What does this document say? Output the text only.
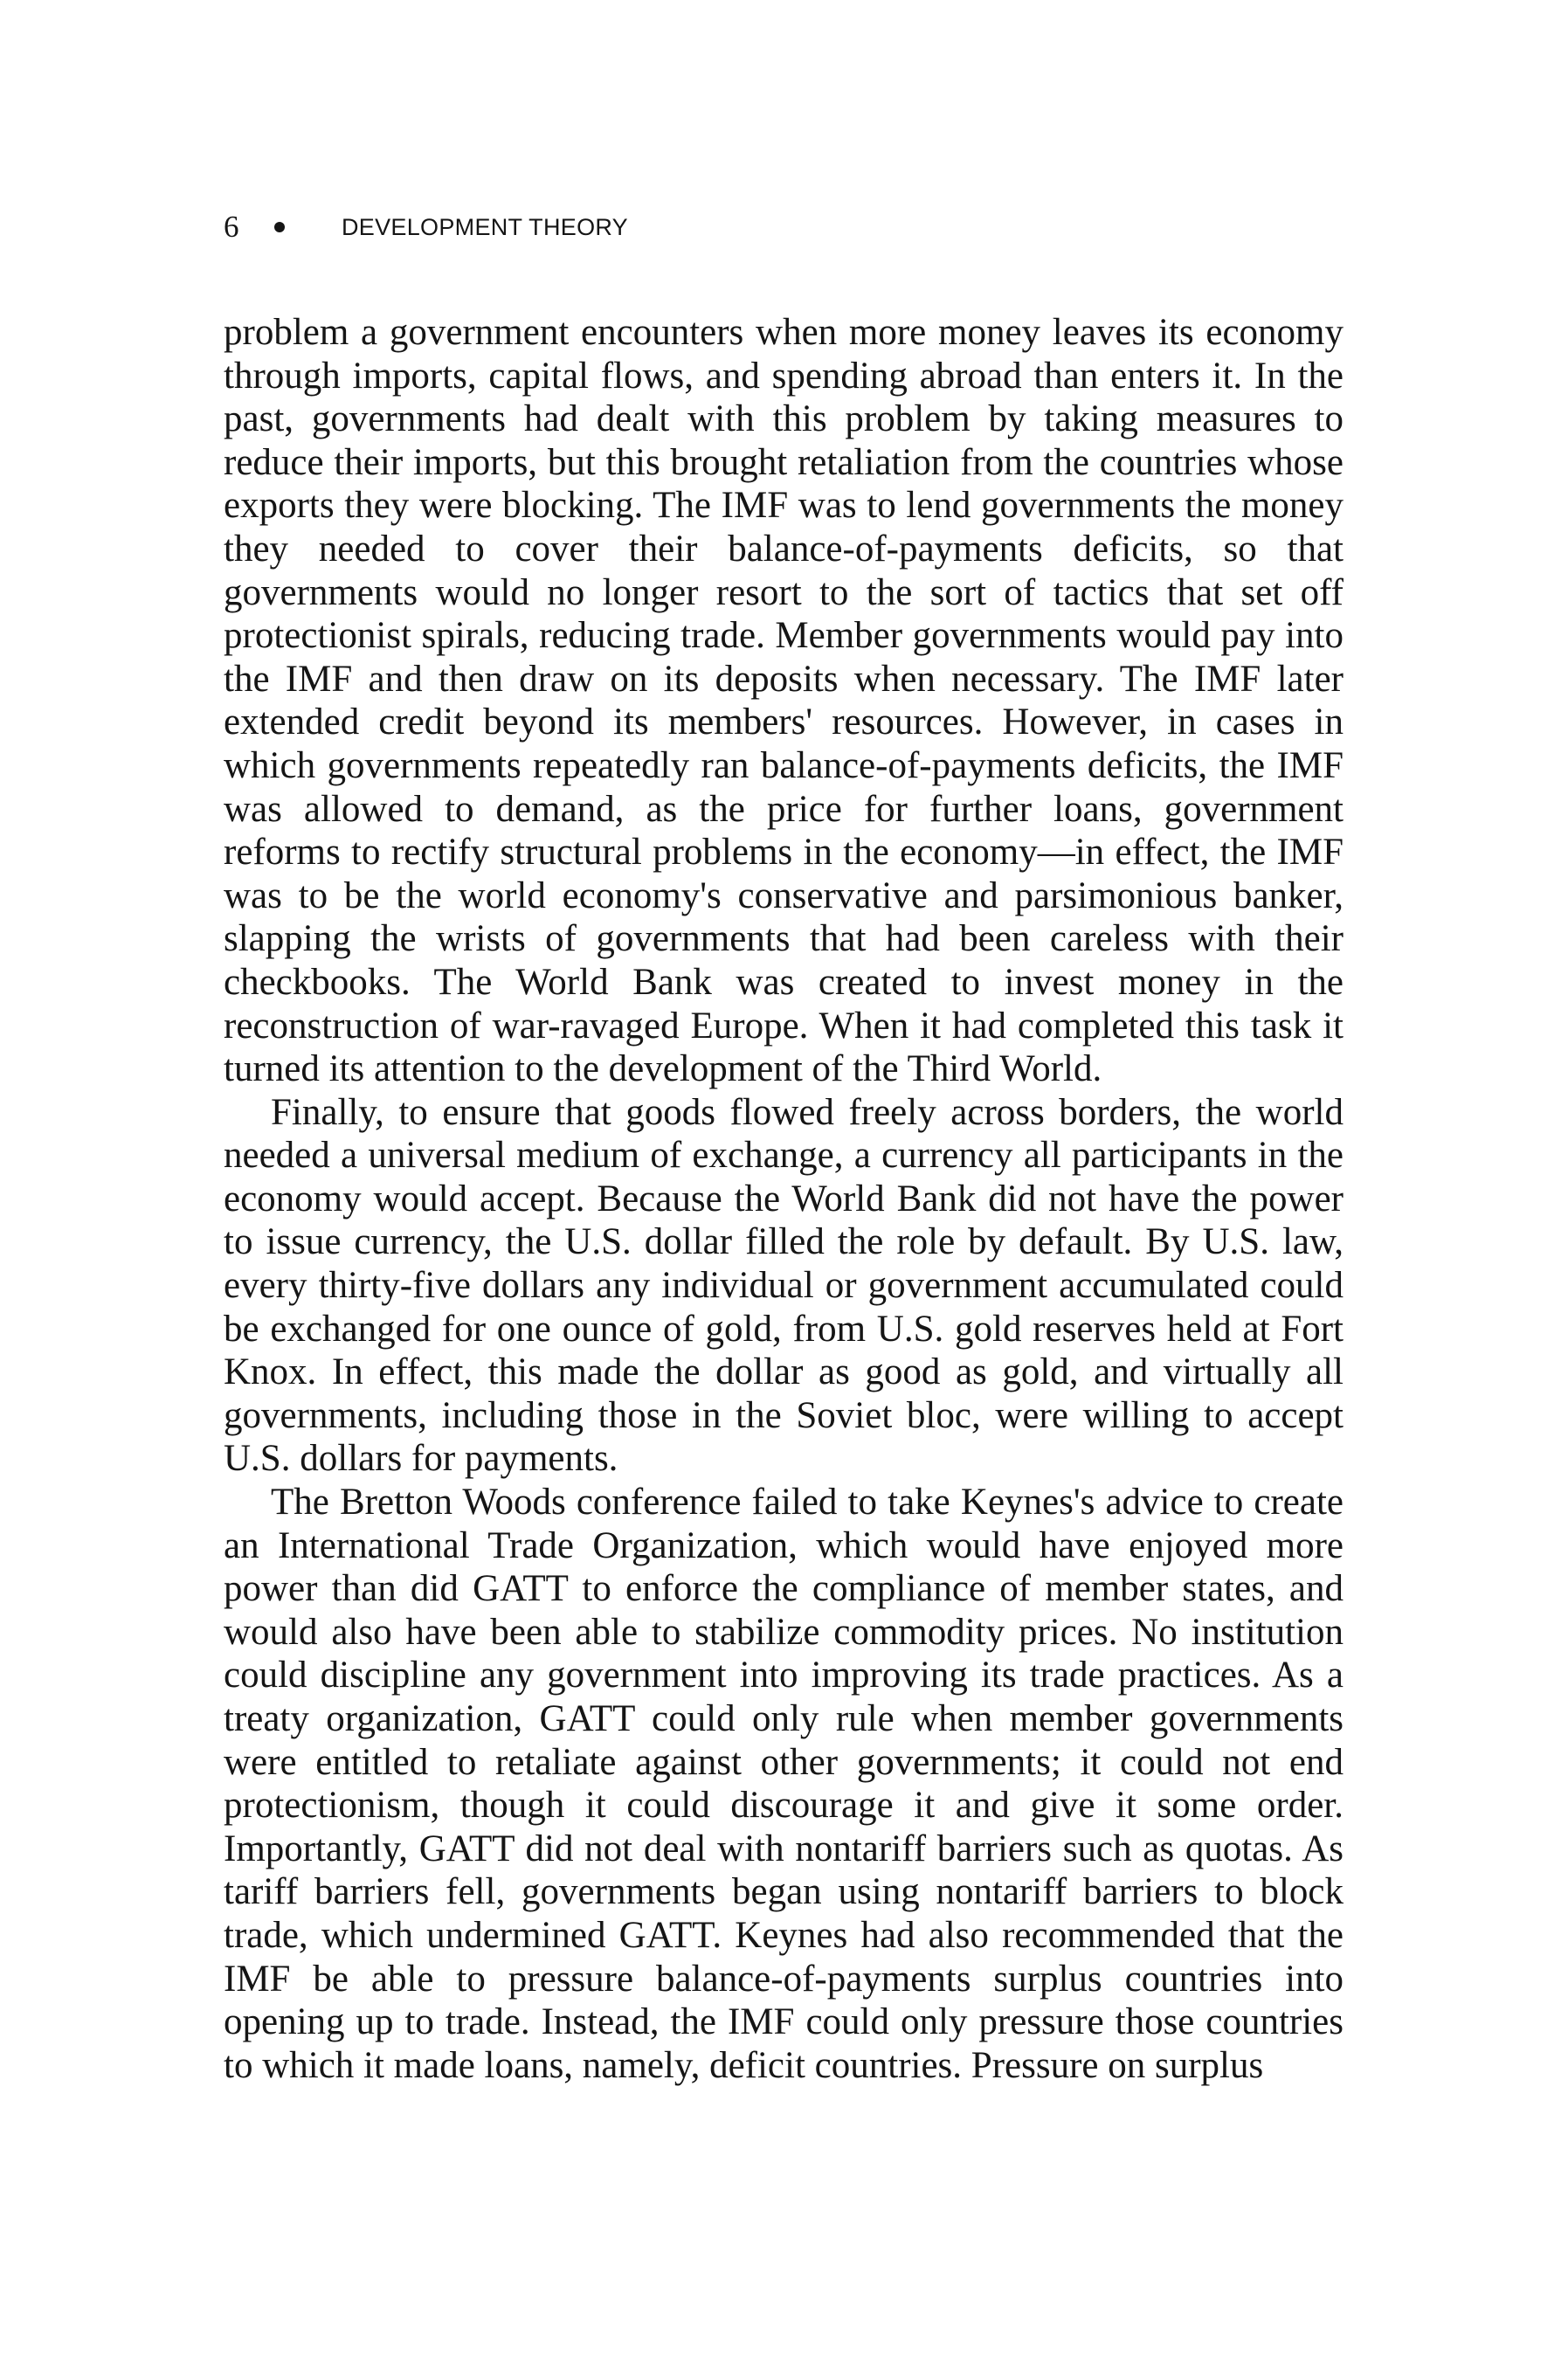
6	DEVELOPMENT THEORY

problem a government encounters when more money leaves its economy through imports, capital flows, and spending abroad than enters it. In the past, governments had dealt with this problem by taking measures to reduce their imports, but this brought retaliation from the countries whose exports they were blocking. The IMF was to lend governments the money they needed to cover their balance-of-payments deficits, so that governments would no longer resort to the sort of tactics that set off protectionist spirals, reducing trade. Member governments would pay into the IMF and then draw on its deposits when necessary. The IMF later extended credit beyond its members' resources. However, in cases in which governments repeatedly ran balance-of-payments deficits, the IMF was allowed to demand, as the price for further loans, government reforms to rectify structural problems in the economy—in effect, the IMF was to be the world economy's conservative and parsimonious banker, slapping the wrists of governments that had been careless with their checkbooks. The World Bank was created to invest money in the reconstruction of war-ravaged Europe. When it had completed this task it turned its attention to the development of the Third World.

Finally, to ensure that goods flowed freely across borders, the world needed a universal medium of exchange, a currency all participants in the economy would accept. Because the World Bank did not have the power to issue currency, the U.S. dollar filled the role by default. By U.S. law, every thirty-five dollars any individual or government accumulated could be exchanged for one ounce of gold, from U.S. gold reserves held at Fort Knox. In effect, this made the dollar as good as gold, and virtually all governments, including those in the Soviet bloc, were willing to accept U.S. dollars for payments.

The Bretton Woods conference failed to take Keynes's advice to create an International Trade Organization, which would have enjoyed more power than did GATT to enforce the compliance of member states, and would also have been able to stabilize commodity prices. No institution could discipline any government into improving its trade practices. As a treaty organization, GATT could only rule when member governments were entitled to retaliate against other governments; it could not end protectionism, though it could discourage it and give it some order. Importantly, GATT did not deal with nontariff barriers such as quotas. As tariff barriers fell, governments began using nontariff barriers to block trade, which undermined GATT. Keynes had also recommended that the IMF be able to pressure balance-of-payments surplus countries into opening up to trade. Instead, the IMF could only pressure those countries to which it made loans, namely, deficit countries. Pressure on surplus
